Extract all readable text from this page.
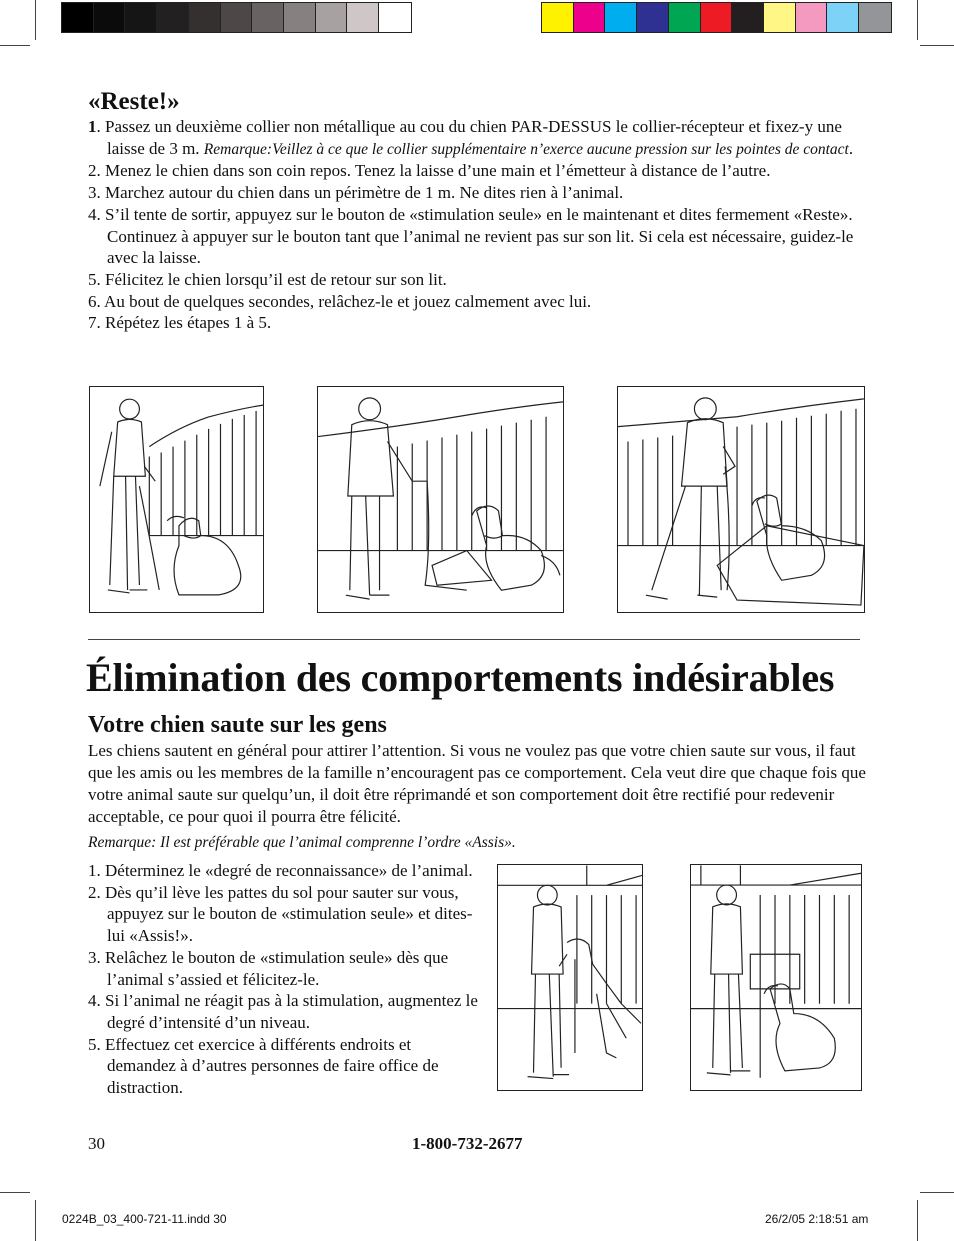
«Reste!»

1. Passez un deuxième collier non métallique au cou du chien PAR-DESSUS le collier-récepteur et fixez-y une laisse de 3 m. Remarque:Veillez à ce que le collier supplémentaire n’exerce aucune pression sur les pointes de contact.

2. Menez le chien dans son coin repos. Tenez la laisse d’une main et l’émetteur à distance de l’autre.

3. Marchez autour du chien dans un périmètre de 1 m. Ne dites rien à l’animal.

4. S’il tente de sortir, appuyez sur le bouton de «stimulation seule» en le maintenant et dites fermement «Reste». Continuez à appuyer sur le bouton tant que l’animal ne revient pas sur son lit. Si cela est nécessaire, guidez-le avec la laisse.

5. Félicitez le chien lorsqu’il est de retour sur son lit.

6. Au bout de quelques secondes, relâchez-le et jouez calmement avec lui.

7. Répétez les étapes 1 à 5.

Élimination des comportements indésirables
Votre chien saute sur les gens
Les chiens sautent en général pour attirer l’attention. Si vous ne voulez pas que votre chien saute sur vous, il faut que les amis ou les membres de la famille n’encouragent pas ce comportement. Cela veut dire que chaque fois que votre animal saute sur quelqu’un, il doit être réprimandé et son comportement doit être rectifié pour redevenir acceptable, ce pour quoi il pourra être félicité.
Remarque: Il est préférable que l’animal comprenne l’ordre «Assis».

1. Déterminez le «degré de reconnaissance» de l’animal.

2. Dès qu’il lève les pattes du sol pour sauter sur vous, appuyez sur le bouton de «stimulation seule» et dites-lui «Assis!».

3. Relâchez le bouton de «stimulation seule» dès que l’animal s’assied et félicitez-le.

4. Si l’animal ne réagit pas à la stimulation, augmentez le degré d’intensité d’un niveau.

5. Effectuez cet exercice à différents endroits et demandez à d’autres personnes de faire office de distraction.

30	1-800-732-2677
0224B_03_400-721-11.indd 30	26/2/05 2:18:51 am
